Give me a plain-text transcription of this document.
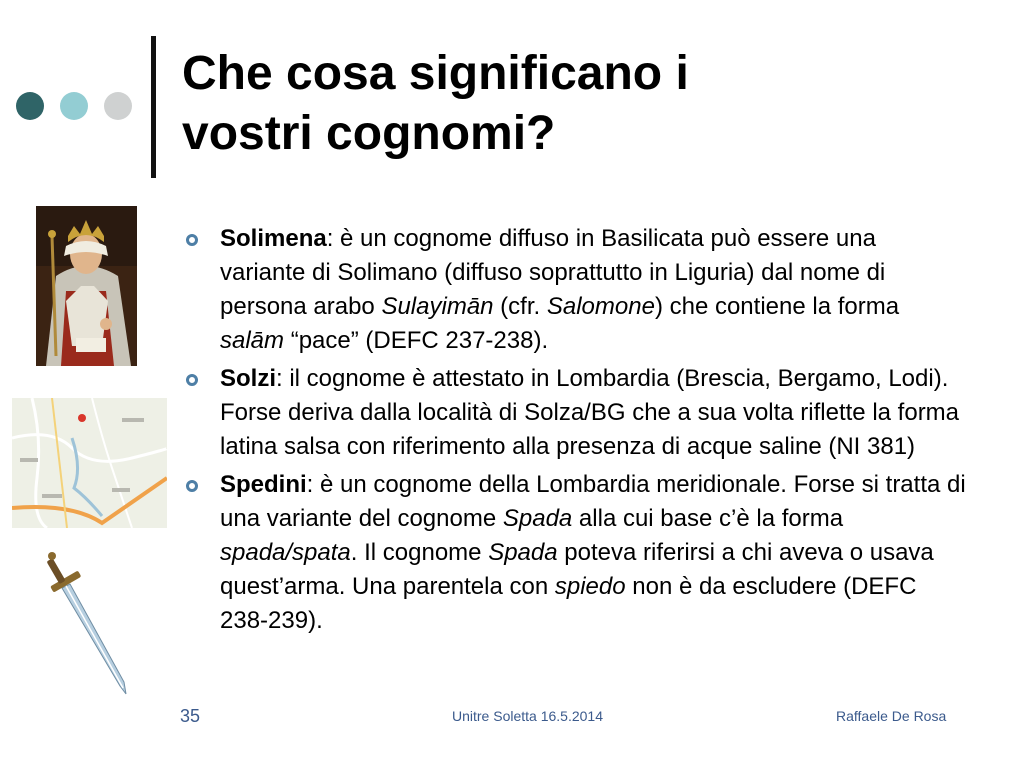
Che cosa significano i
vostri cognomi?
Solimena: è un cognome diffuso in Basilicata può essere una variante di Solimano (diffuso soprattutto in Liguria) dal nome di persona arabo Sulayimān (cfr. Salomone) che contiene la forma salām “pace” (DEFC 237-238).
Solzi: il cognome è attestato in Lombardia (Brescia, Bergamo, Lodi). Forse deriva dalla località di Solza/BG che a sua volta riflette la forma latina salsa con riferimento alla presenza di acque saline (NI 381)
Spedini: è un cognome della Lombardia meridionale. Forse si tratta di una variante del cognome Spada alla cui base c’è la forma spada/spata. Il cognome Spada poteva riferirsi a chi aveva o usava quest’arma. Una parentela con spiedo non è da escludere (DEFC 238-239).
35	Unitre Soletta 16.5.2014	Raffaele De Rosa
